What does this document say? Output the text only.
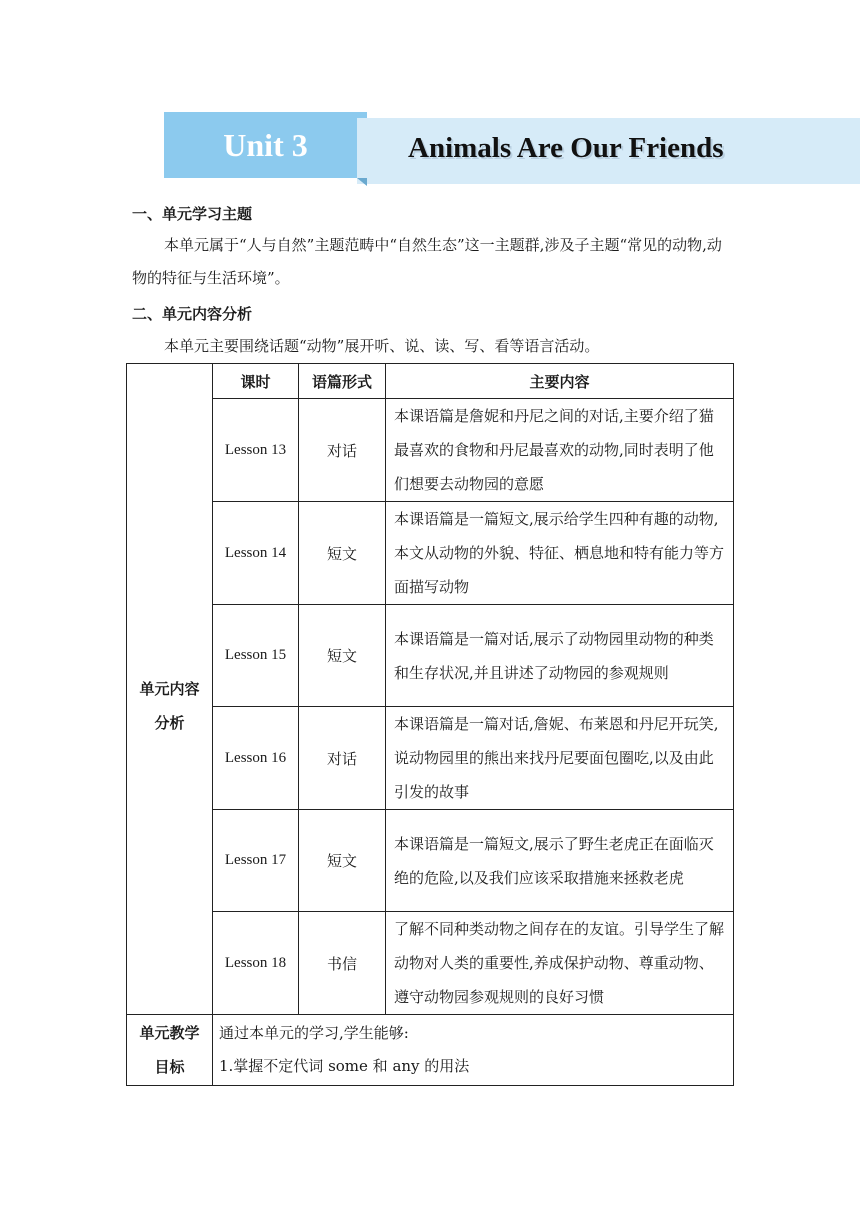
Unit 3	Animals Are Our Friends
一、单元学习主题
本单元属于“人与自然”主题范畴中“自然生态”这一主题群,涉及子主题“常见的动物,动物的特征与生活环境”。
二、单元内容分析
本单元主要围绕话题“动物”展开听、说、读、写、看等语言活动。
	课时	语篇形式	主要内容
单元内容分析	Lesson 13	对话	本课语篇是詹妮和丹尼之间的对话,主要介绍了猫最喜欢的食物和丹尼最喜欢的动物,同时表明了他们想要去动物园的意愿
	Lesson 14	短文	本课语篇是一篇短文,展示给学生四种有趣的动物,本文从动物的外貌、特征、栖息地和特有能力等方面描写动物
	Lesson 15	短文	本课语篇是一篇对话,展示了动物园里动物的种类和生存状况,并且讲述了动物园的参观规则
	Lesson 16	对话	本课语篇是一篇对话,詹妮、布莱恩和丹尼开玩笑,说动物园里的熊出来找丹尼要面包圈吃,以及由此引发的故事
	Lesson 17	短文	本课语篇是一篇短文,展示了野生老虎正在面临灭绝的危险,以及我们应该采取措施来拯救老虎
	Lesson 18	书信	了解不同种类动物之间存在的友谊。引导学生了解动物对人类的重要性,养成保护动物、尊重动物、遵守动物园参观规则的良好习惯
单元教学目标	通过本单元的学习,学生能够:
1.掌握不定代词 some 和 any 的用法		
